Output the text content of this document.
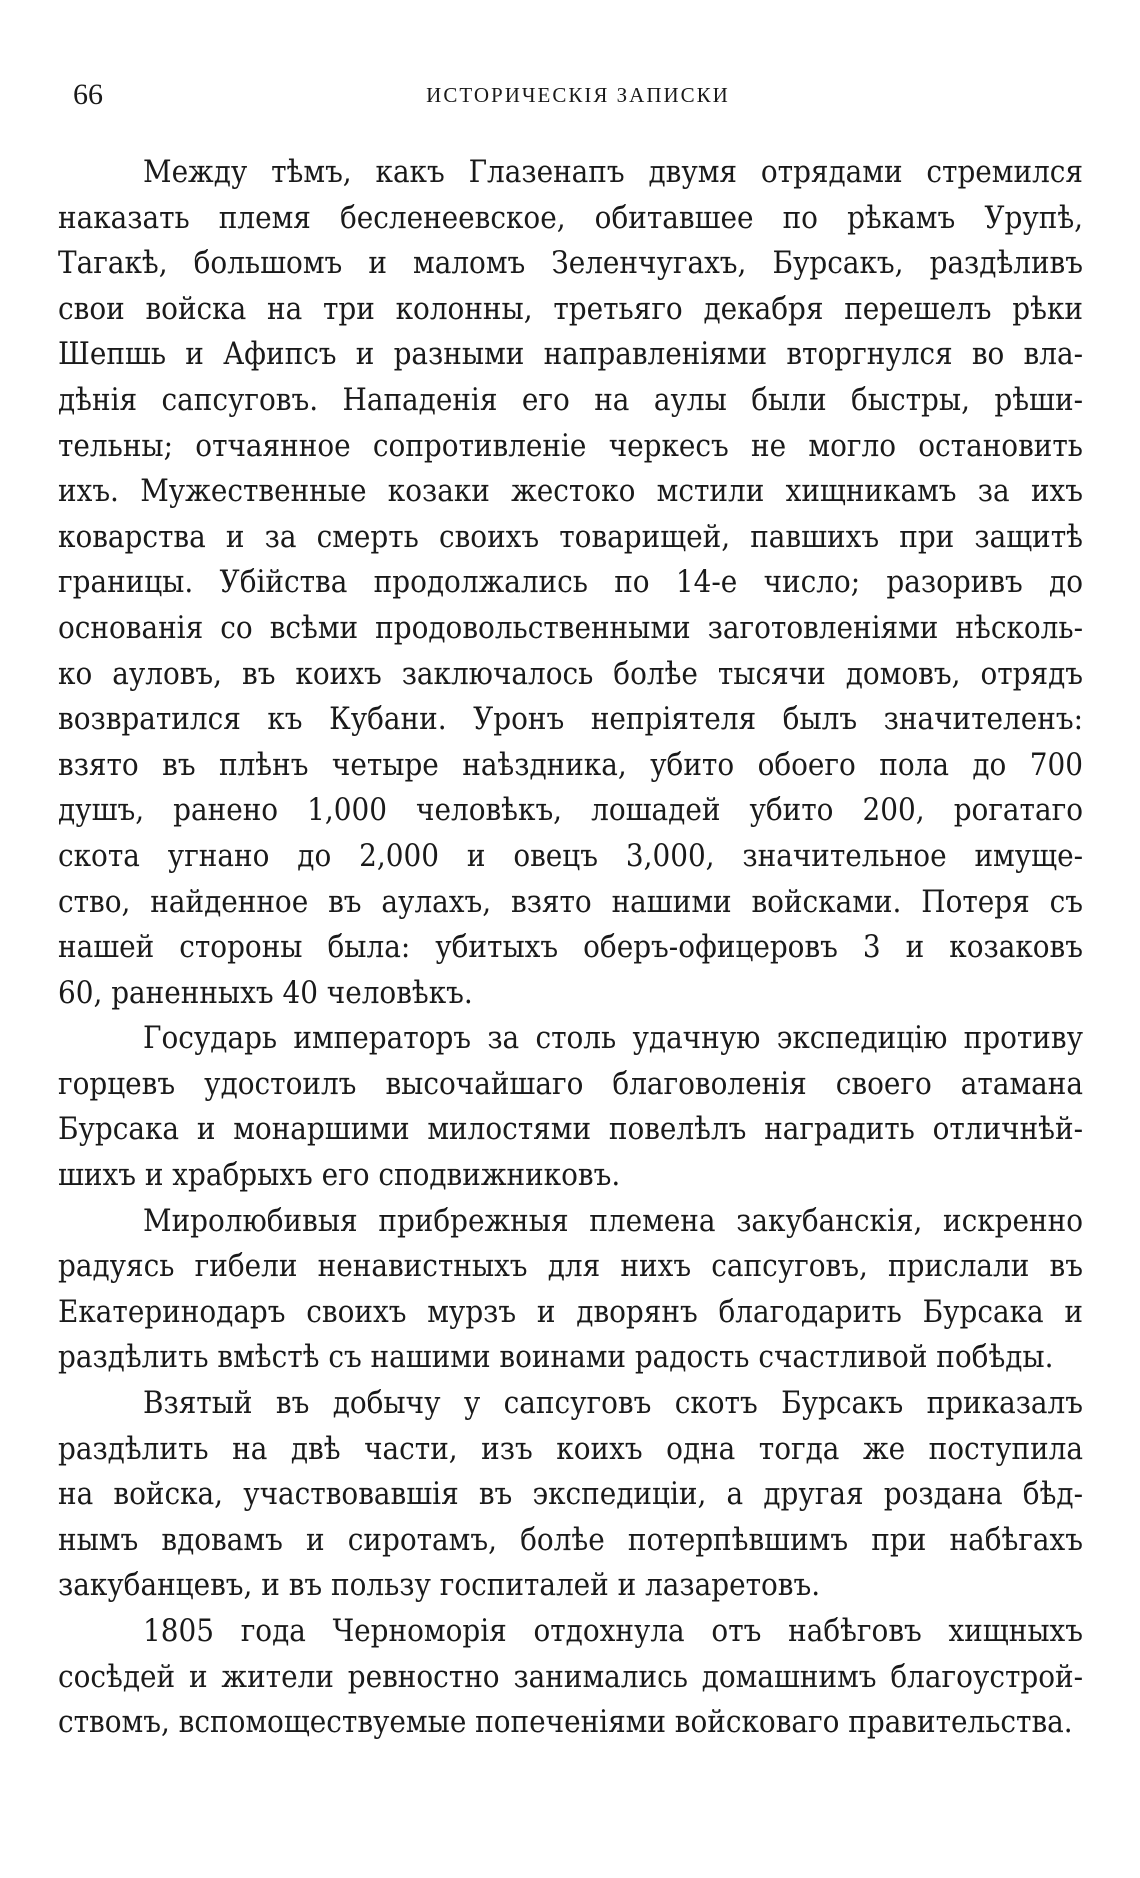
66	ИСТОРИЧЕСКІЯ ЗАПИСКИ
Между тѣмъ, какъ Глазенапъ двумя отрядами стремился
наказать племя бесленеевское, обитавшее по рѣкамъ Урупѣ,
Тагакѣ, большомъ и маломъ Зеленчугахъ, Бурсакъ, раздѣливъ
свои войска на три колонны, третьяго декабря перешелъ рѣки
Шепшь и Афипсъ и разными направленіями вторгнулся во вла-
дѣнія сапсуговъ. Нападенія его на аулы были быстры, рѣши-
тельны; отчаянное сопротивленіе черкесъ не могло остановить
ихъ. Мужественные козаки жестоко мстили хищникамъ за ихъ
коварства и за смерть своихъ товарищей, павшихъ при защитѣ
границы. Убійства продолжались по 14-е число; разоривъ до
основанія со всѣми продовольственными заготовленіями нѣсколь-
ко ауловъ, въ коихъ заключалось болѣе тысячи домовъ, отрядъ
возвратился къ Кубани. Уронъ непріятеля былъ значителенъ:
взято въ плѣнъ четыре наѣздника, убито обоего пола до 700
душъ, ранено 1,000 человѣкъ, лошадей убито 200, рогатаго
скота угнано до 2,000 и овецъ 3,000, значительное имуще-
ство, найденное въ аулахъ, взято нашими войсками. Потеря съ
нашей стороны была: убитыхъ оберъ-офицеровъ 3 и козаковъ
60, раненныхъ 40 человѣкъ.
Государь императоръ за столь удачную экспедицію противу
горцевъ удостоилъ высочайшаго благоволенія своего атамана
Бурсака и монаршими милостями повелѣлъ наградить отличнѣй-
шихъ и храбрыхъ его сподвижниковъ.
Миролюбивыя прибрежныя племена закубанскія, искренно
радуясь гибели ненавистныхъ для нихъ сапсуговъ, прислали въ
Екатеринодаръ своихъ мурзъ и дворянъ благодарить Бурсака и
раздѣлить вмѣстѣ съ нашими воинами радость счастливой побѣды.
Взятый въ добычу у сапсуговъ скотъ Бурсакъ приказалъ
раздѣлить на двѣ части, изъ коихъ одна тогда же поступила
на войска, участвовавшія въ экспедиціи, а другая роздана бѣд-
нымъ вдовамъ и сиротамъ, болѣе потерпѣвшимъ при набѣгахъ
закубанцевъ, и въ пользу госпиталей и лазаретовъ.
1805 года Черноморія отдохнула отъ набѣговъ хищныхъ
сосѣдей и жители ревностно занимались домашнимъ благоустрой-
ствомъ, вспомоществуемые попеченіями войсковаго правительства.
